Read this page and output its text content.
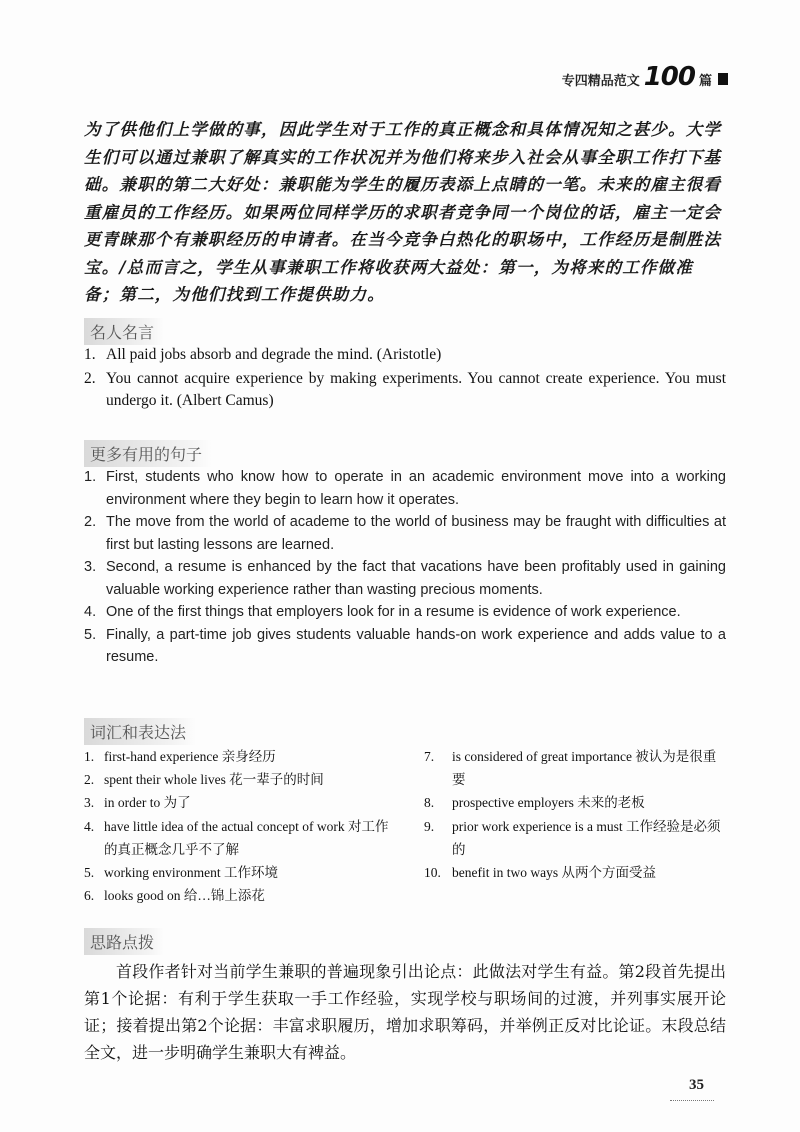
专四精品范文 100 篇

为了供他们上学做的事，因此学生对于工作的真正概念和具体情况知之甚少。大学生们可以通过兼职了解真实的工作状况并为他们将来步入社会从事全职工作打下基础。兼职的第二大好处：兼职能为学生的履历表添上点睛的一笔。未来的雇主很看重雇员的工作经历。如果两位同样学历的求职者竞争同一个岗位的话，雇主一定会更青睐那个有兼职经历的申请者。在当今竞争白热化的职场中，工作经历是制胜法宝。/总而言之，学生从事兼职工作将收获两大益处：第一，为将来的工作做准备；第二，为他们找到工作提供助力。

名人名言
1. All paid jobs absorb and degrade the mind. (Aristotle)
2. You cannot acquire experience by making experiments. You cannot create experience. You must undergo it. (Albert Camus)
更多有用的句子
1. First, students who know how to operate in an academic environment move into a working environment where they begin to learn how it operates.
2. The move from the world of academe to the world of business may be fraught with difficulties at first but lasting lessons are learned.
3. Second, a resume is enhanced by the fact that vacations have been profitably used in gaining valuable working experience rather than wasting precious moments.
4. One of the first things that employers look for in a resume is evidence of work experience.
5. Finally, a part-time job gives students valuable hands-on work experience and adds value to a resume.
词汇和表达法
1. first-hand experience 亲身经历
2. spent their whole lives 花一辈子的时间
3. in order to 为了
4. have little idea of the actual concept of work 对工作的真正概念几乎不了解
5. working environment 工作环境
6. looks good on 给…锦上添花
7. is considered of great importance 被认为是很重要
8. prospective employers 未来的老板
9. prior work experience is a must 工作经验是必须的
10. benefit in two ways 从两个方面受益
思路点拨

首段作者针对当前学生兼职的普遍现象引出论点：此做法对学生有益。第2段首先提出第1个论据：有利于学生获取一手工作经验，实现学校与职场间的过渡，并列事实展开论证；接着提出第2个论据：丰富求职履历，增加求职筹码，并举例正反对比论证。末段总结全文，进一步明确学生兼职大有裨益。

35
